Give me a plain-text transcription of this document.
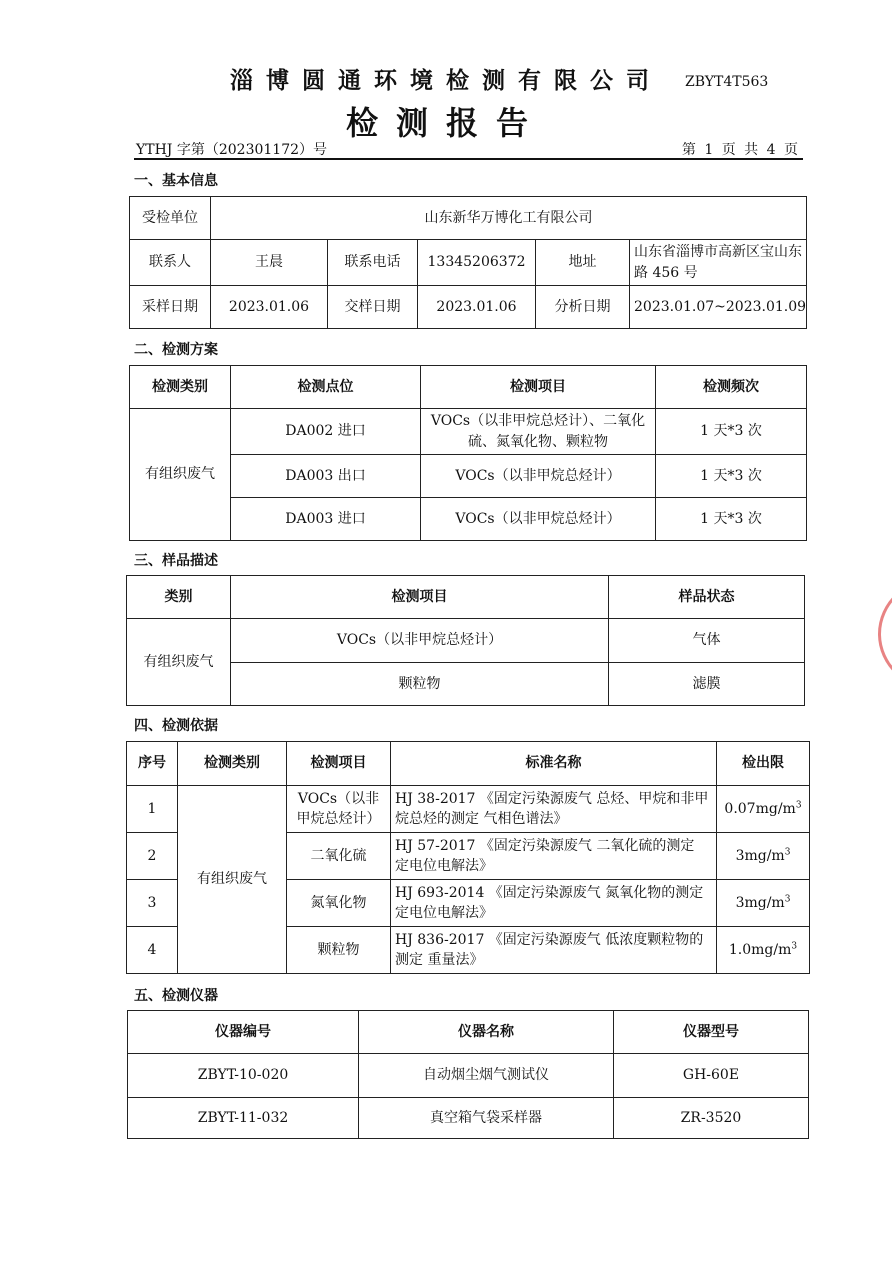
淄博圆通环境检测有限公司	ZBYT4T563
检测报告
YTHJ 字第（202301172）号	第 1 页 共 4 页
一、基本信息
受检单位	山东新华万博化工有限公司				
联系人	王晨	联系电话	13345206372	地址	山东省淄博市高新区宝山东路 456 号
采样日期	2023.01.06	交样日期	2023.01.06	分析日期	2023.01.07~2023.01.09
二、检测方案
检测类别	检测点位	检测项目	检测频次
有组织废气	DA002 进口	VOCs（以非甲烷总烃计）、二氧化硫、氮氧化物、颗粒物	1 天*3 次
	DA003 出口	VOCs（以非甲烷总烃计）	1 天*3 次
	DA003 进口	VOCs（以非甲烷总烃计）	1 天*3 次
三、样品描述
类别	检测项目	样品状态
有组织废气	VOCs（以非甲烷总烃计）	气体
	颗粒物	滤膜
四、检测依据
序号	检测类别	检测项目	标准名称	检出限
1	有组织废气	VOCs（以非甲烷总烃计）	HJ 38-2017 《固定污染源废气 总烃、甲烷和非甲烷总烃的测定 气相色谱法》	$0.07mg/m^3$
2		二氧化硫	HJ 57-2017 《固定污染源废气 二氧化硫的测定 定电位电解法》	$3mg/m^3$
3		氮氧化物	HJ 693-2014 《固定污染源废气 氮氧化物的测定 定电位电解法》	$3mg/m^3$
4		颗粒物	HJ 836-2017 《固定污染源废气 低浓度颗粒物的测定 重量法》	$1.0mg/m^3$
五、检测仪器
仪器编号	仪器名称	仪器型号
ZBYT-10-020	自动烟尘烟气测试仪	GH-60E
ZBYT-11-032	真空箱气袋采样器	ZR-3520
